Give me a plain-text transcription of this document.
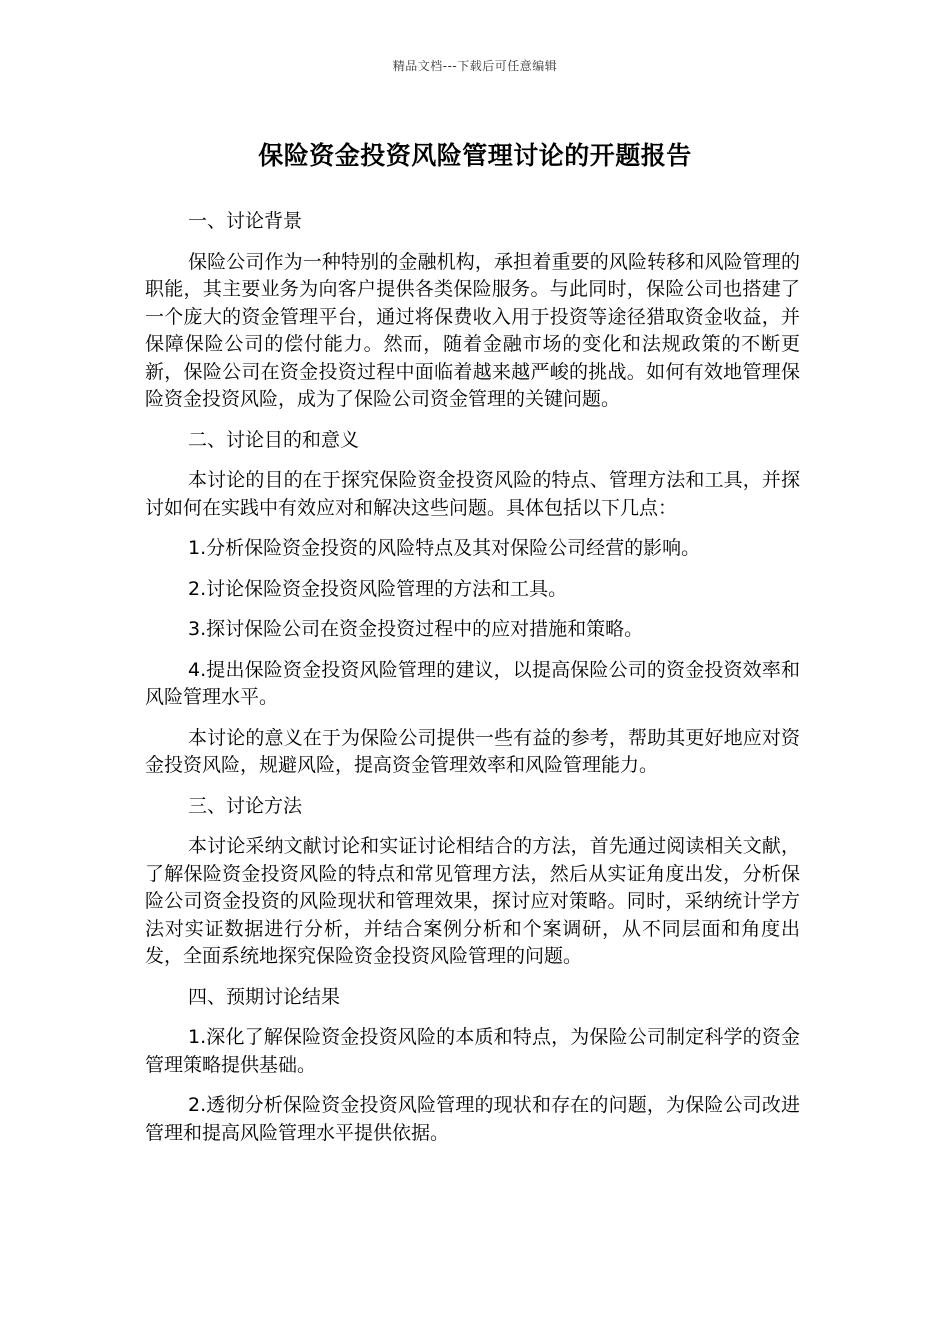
精品文档---下载后可任意编辑
保险资金投资风险管理讨论的开题报告

一、讨论背景

保险公司作为一种特别的金融机构，承担着重要的风险转移和风险管理的职能，其主要业务为向客户提供各类保险服务。与此同时，保险公司也搭建了一个庞大的资金管理平台，通过将保费收入用于投资等途径猎取资金收益，并保障保险公司的偿付能力。然而，随着金融市场的变化和法规政策的不断更新，保险公司在资金投资过程中面临着越来越严峻的挑战。如何有效地管理保险资金投资风险，成为了保险公司资金管理的关键问题。

二、讨论目的和意义

本讨论的目的在于探究保险资金投资风险的特点、管理方法和工具，并探讨如何在实践中有效应对和解决这些问题。具体包括以下几点：

1.分析保险资金投资的风险特点及其对保险公司经营的影响。

2.讨论保险资金投资风险管理的方法和工具。

3.探讨保险公司在资金投资过程中的应对措施和策略。

4.提出保险资金投资风险管理的建议，以提高保险公司的资金投资效率和风险管理水平。

本讨论的意义在于为保险公司提供一些有益的参考，帮助其更好地应对资金投资风险，规避风险，提高资金管理效率和风险管理能力。

三、讨论方法

本讨论采纳文献讨论和实证讨论相结合的方法，首先通过阅读相关文献，了解保险资金投资风险的特点和常见管理方法，然后从实证角度出发，分析保险公司资金投资的风险现状和管理效果，探讨应对策略。同时，采纳统计学方法对实证数据进行分析，并结合案例分析和个案调研，从不同层面和角度出发，全面系统地探究保险资金投资风险管理的问题。

四、预期讨论结果

1.深化了解保险资金投资风险的本质和特点，为保险公司制定科学的资金管理策略提供基础。

2.透彻分析保险资金投资风险管理的现状和存在的问题，为保险公司改进管理和提高风险管理水平提供依据。
